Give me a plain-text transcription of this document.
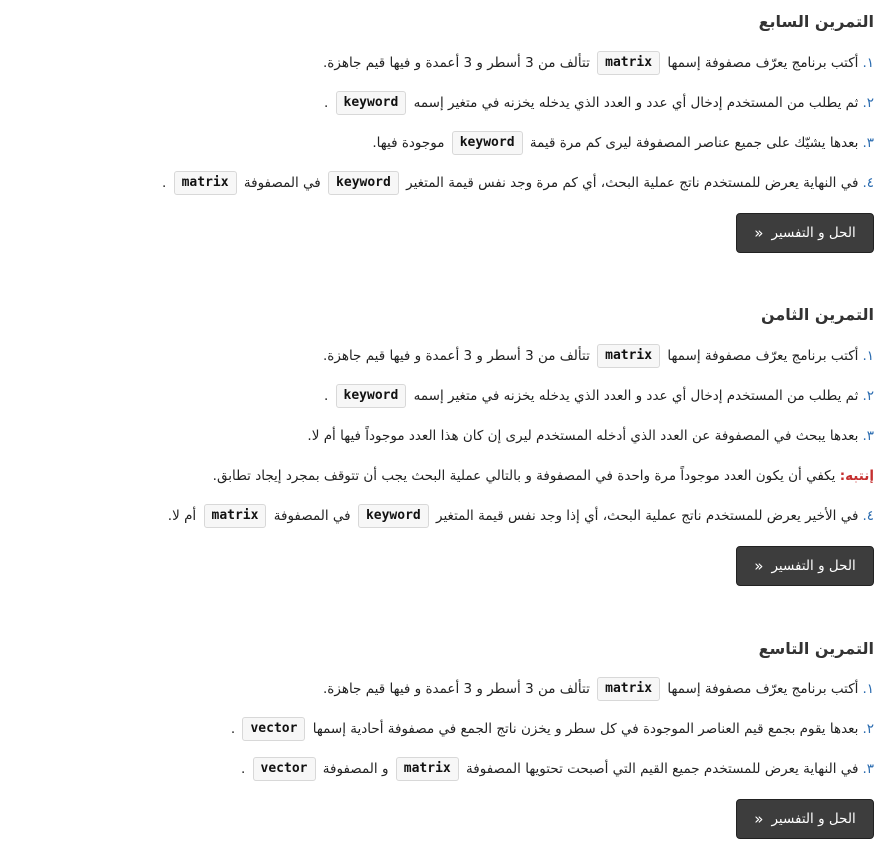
التمرين السابع
١.أكتب برنامج يعرّف مصفوفة إسمها matrix تتألف من 3 أسطر و 3 أعمدة و فيها قيم جاهزة.
٢.ثم يطلب من المستخدم إدخال أي عدد و العدد الذي يدخله يخزنه في متغير إسمه keyword .
٣.بعدها يشيّك على جميع عناصر المصفوفة ليرى كم مرة قيمة keyword موجودة فيها.
٤.في النهاية يعرض للمستخدم ناتج عملية البحث، أي كم مرة وجد نفس قيمة المتغير keyword في المصفوفة matrix .
الحل و التفسير
«
التمرين الثامن
١.أكتب برنامج يعرّف مصفوفة إسمها matrix تتألف من 3 أسطر و 3 أعمدة و فيها قيم جاهزة.
٢.ثم يطلب من المستخدم إدخال أي عدد و العدد الذي يدخله يخزنه في متغير إسمه keyword .
٣.بعدها يبحث في المصفوفة عن العدد الذي أدخله المستخدم ليرى إن كان هذا العدد موجوداً فيها أم لا.
إنتبه: يكفي أن يكون العدد موجوداً مرة واحدة في المصفوفة و بالتالي عملية البحث يجب أن تتوقف بمجرد إيجاد تطابق.
٤.في الأخير يعرض للمستخدم ناتج عملية البحث، أي إذا وجد نفس قيمة المتغير keyword في المصفوفة matrix أم لا.
الحل و التفسير
«
التمرين التاسع
١.أكتب برنامج يعرّف مصفوفة إسمها matrix تتألف من 3 أسطر و 3 أعمدة و فيها قيم جاهزة.
٢.بعدها يقوم بجمع قيم العناصر الموجودة في كل سطر و يخزن ناتج الجمع في مصفوفة أحادية إسمها vector .
٣.في النهاية يعرض للمستخدم جميع القيم التي أصبحت تحتويها المصفوفة matrix و المصفوفة vector .
الحل و التفسير
«
